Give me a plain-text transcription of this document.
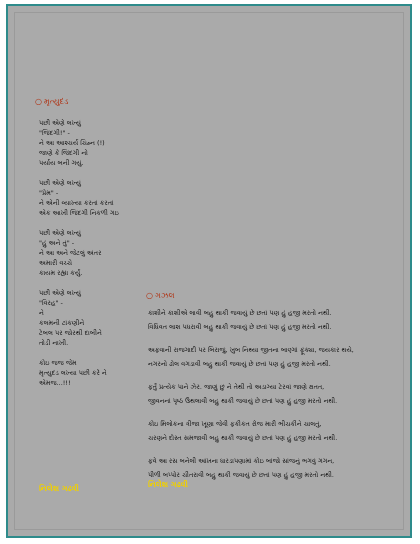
○ મૃત્યુદંડ
પછી એણે લખ્યું
"જિંદગી!" -
ને આ આશ્ચર્ય ચિહ્ન (!)
જાણે કે જિંદગી નો
પર્યાય બની ગયું.
પછી એણે લખ્યું
"પ્રેમ" -
ને એની વ્યાખ્યા કરતાં કરતાં
એક આખી જિંદગી નિકળી ગઇ
પછી એણે લખ્યું
"હું અને તું" -
ને આ અને જેટલું અંતર
અમારી વચ્ચે
કાયમ રહ્યા કર્યું.
પછી એણે લખ્યું
"વિરહ" -
ને
કલમની ટાંકણીને
ટેબલ પર જોરથી દાબીને
તોડી નાખી.
કોઇ જજ જેમ
મૃત્યુદંડ લખ્યા પછી કરે ને
એમજ...!!!
નિલેશ ગઢવી
○ ગઝલ
કાશીને કાશીએ લાવી બહુ થાકી જવાયું છે છતાં પણ હું હજી મરતો નથી.
વિધિવત લાશ પધરાવી બહુ થાકી જવાયું છે છતાં પણ હું હજી મરતો નથી.
અફવાની રાજગાદી પર બિરાજું, ખુબ નિથ્યા જીતના બાણ્ગાં ફૂંક્યા, જયકાર થયે,
નગરનો ઢોલ વગડાવી બહુ થાકી જવાયું છે છતાં પણ હું હજી મરતો નથી.
ફર્તું પ્રત્યેક પાને ઝેર. જાણું છું ને તેથી તો અડાગ્યા ટેરવાં જાણે ક્ષતત,
જીવનનાં પૃષ્ઠ ઉથલાવી બહુ થાકી જવાયું છે છતાં પણ હું હજી મરતો નથી.
કોઇ મિલોકના ત્રીજા ખૂણા જેવી ફકીકત રોજ મારી ભીચકીને ચાલતું,
ચરણને દોસ્ત સમજાવી બહુ થાકી જવાયું છે છતાં પણ હું હજી મરતો નથી.
ફવે આ રસ બનેલી આંખના ધારડાપણામાં કોઇ બાંજો સાંજનું ભગવું ગગન,
પીળી બપ્પોર ચીતરાવી બહુ થાકી જવાયું છે છતાં પણ હું હજી મરતો નથી.
નિલેશ ગઢવી
